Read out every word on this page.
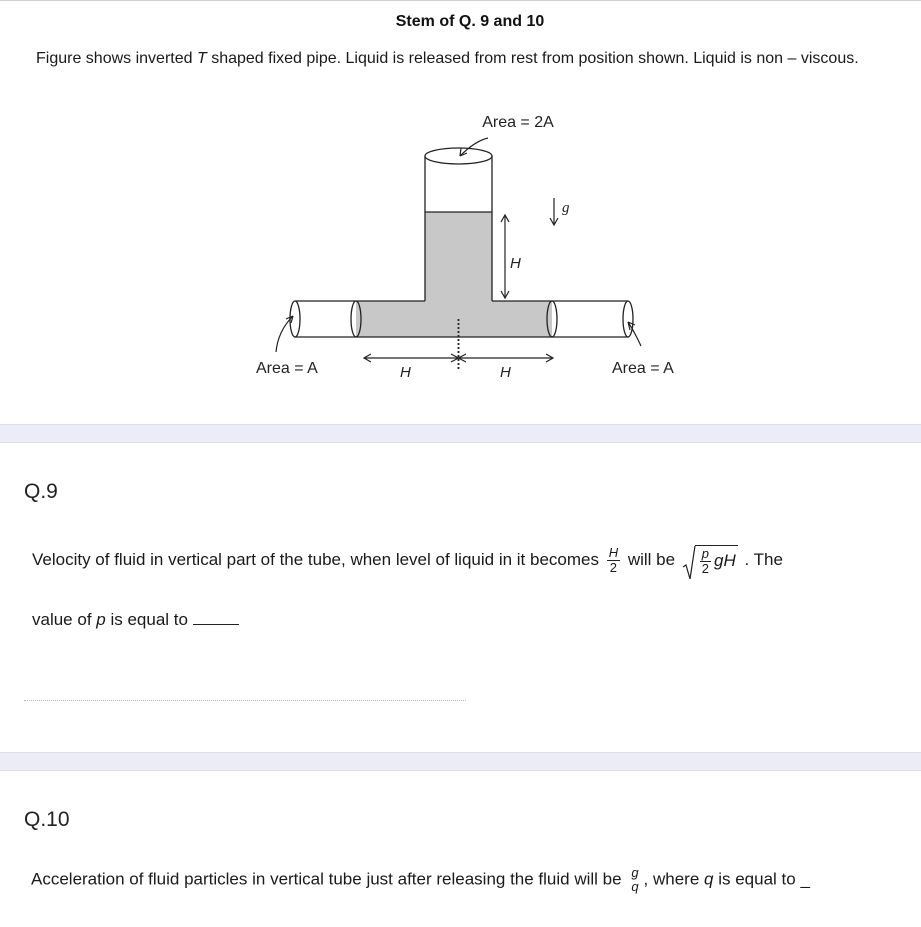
Stem of Q. 9 and 10
Figure shows inverted T shaped fixed pipe. Liquid is released from rest from position shown. Liquid is non – viscous.
Area = 2A
Area = A	Area = A
g
H
H	H
Q.9
Velocity of fluid in vertical part of the tube, when level of liquid in it becomes $\frac{H}{2}$ will be $\frac{p}{2}$ gH . The
value of p is equal to
Q.10
Acceleration of fluid particles in vertical tube just after releasing the fluid will be g
q , where q is equal to _
